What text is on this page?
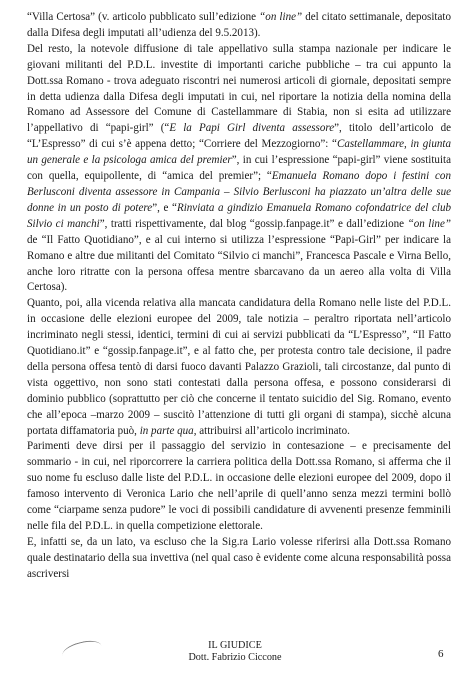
“Villa Certosa” (v. articolo pubblicato sull’edizione “on line” del citato settimanale, depositato dalla Difesa degli imputati all’udienza del 9.5.2013).

Del resto, la notevole diffusione di tale appellativo sulla stampa nazionale per indicare le giovani militanti del P.D.L. investite di importanti cariche pubbliche – tra cui appunto la Dott.ssa Romano - trova adeguato riscontri nei numerosi articoli di giornale, depositati sempre in detta udienza dalla Difesa degli imputati in cui, nel riportare la notizia della nomina della Romano ad Assessore del Comune di Castellammare di Stabia, non si esita ad utilizzare l’appellativo di “papi-girl” (“E la Papi Girl diventa assessore”, titolo dell’articolo de “L’Espresso” di cui s’è appena detto; “Corriere del Mezzogiorno”: “Castellammare, in giunta un generale e la psicologa amica del premier”, in cui l’espressione “papi-girl” viene sostituita con quella, equipollente, di “amica del premier”; “Emanuela Romano dopo i festini con Berlusconi diventa assessore in Campania – Silvio Berlusconi ha piazzato un’altra delle sue donne in un posto di potere”, e “Rinviata a gindizio Emanuela Romano cofondatrice del club Silvio ci manchi”, tratti rispettivamente, dal blog “gossip.fanpage.it” e dall’edizione “on line” de “Il Fatto Quotidiano”, e al cui interno si utilizza l’espressione “Papi-Girl” per indicare la Romano e altre due militanti del Comitato “Silvio ci manchi”, Francesca Pascale e Virna Bello, anche loro ritratte con la persona offesa mentre sbarcavano da un aereo alla volta di Villa Certosa).

Quanto, poi, alla vicenda relativa alla mancata candidatura della Romano nelle liste del P.D.L. in occasione delle elezioni europee del 2009, tale notizia – peraltro riportata nell’articolo incriminato negli stessi, identici, termini di cui ai servizi pubblicati da “L’Espresso”, “Il Fatto Quotidiano.it” e “gossip.fanpage.it”, e al fatto che, per protesta contro tale decisione, il padre della persona offesa tentò di darsi fuoco davanti Palazzo Grazioli, tali circostanze, dal punto di vista oggettivo, non sono stati contestati dalla persona offesa, e possono considerarsi di dominio pubblico (soprattutto per ciò che concerne il tentato suicidio del Sig. Romano, evento che all’epoca –marzo 2009 – suscitò l’attenzione di tutti gli organi di stampa), sicchè alcuna portata diffamatoria può, in parte qua, attribuirsi all’articolo incriminato.

Parimenti deve dirsi per il passaggio del servizio in contesazione – e precisamente del sommario - in cui, nel riporcorrere la carriera politica della Dott.ssa Romano, si afferma che il suo nome fu escluso dalle liste del P.D.L. in occasione delle elezioni europee del 2009, dopo il famoso intervento di Veronica Lario che nell’aprile di quell’anno senza mezzi termini bollò come “ciarpame senza pudore” le voci di possibili candidature di avvenenti presenze femminili nelle fila del P.D.L. in quella competizione elettorale.

E, infatti se, da un lato, va escluso che la Sig.ra Lario volesse riferirsi alla Dott.ssa Romano quale destinatario della sua invettiva (nel qual caso è evidente come alcuna responsabilità possa ascriversi

IL GIUDICE
Dott. Fabrizio Ciccone	6
